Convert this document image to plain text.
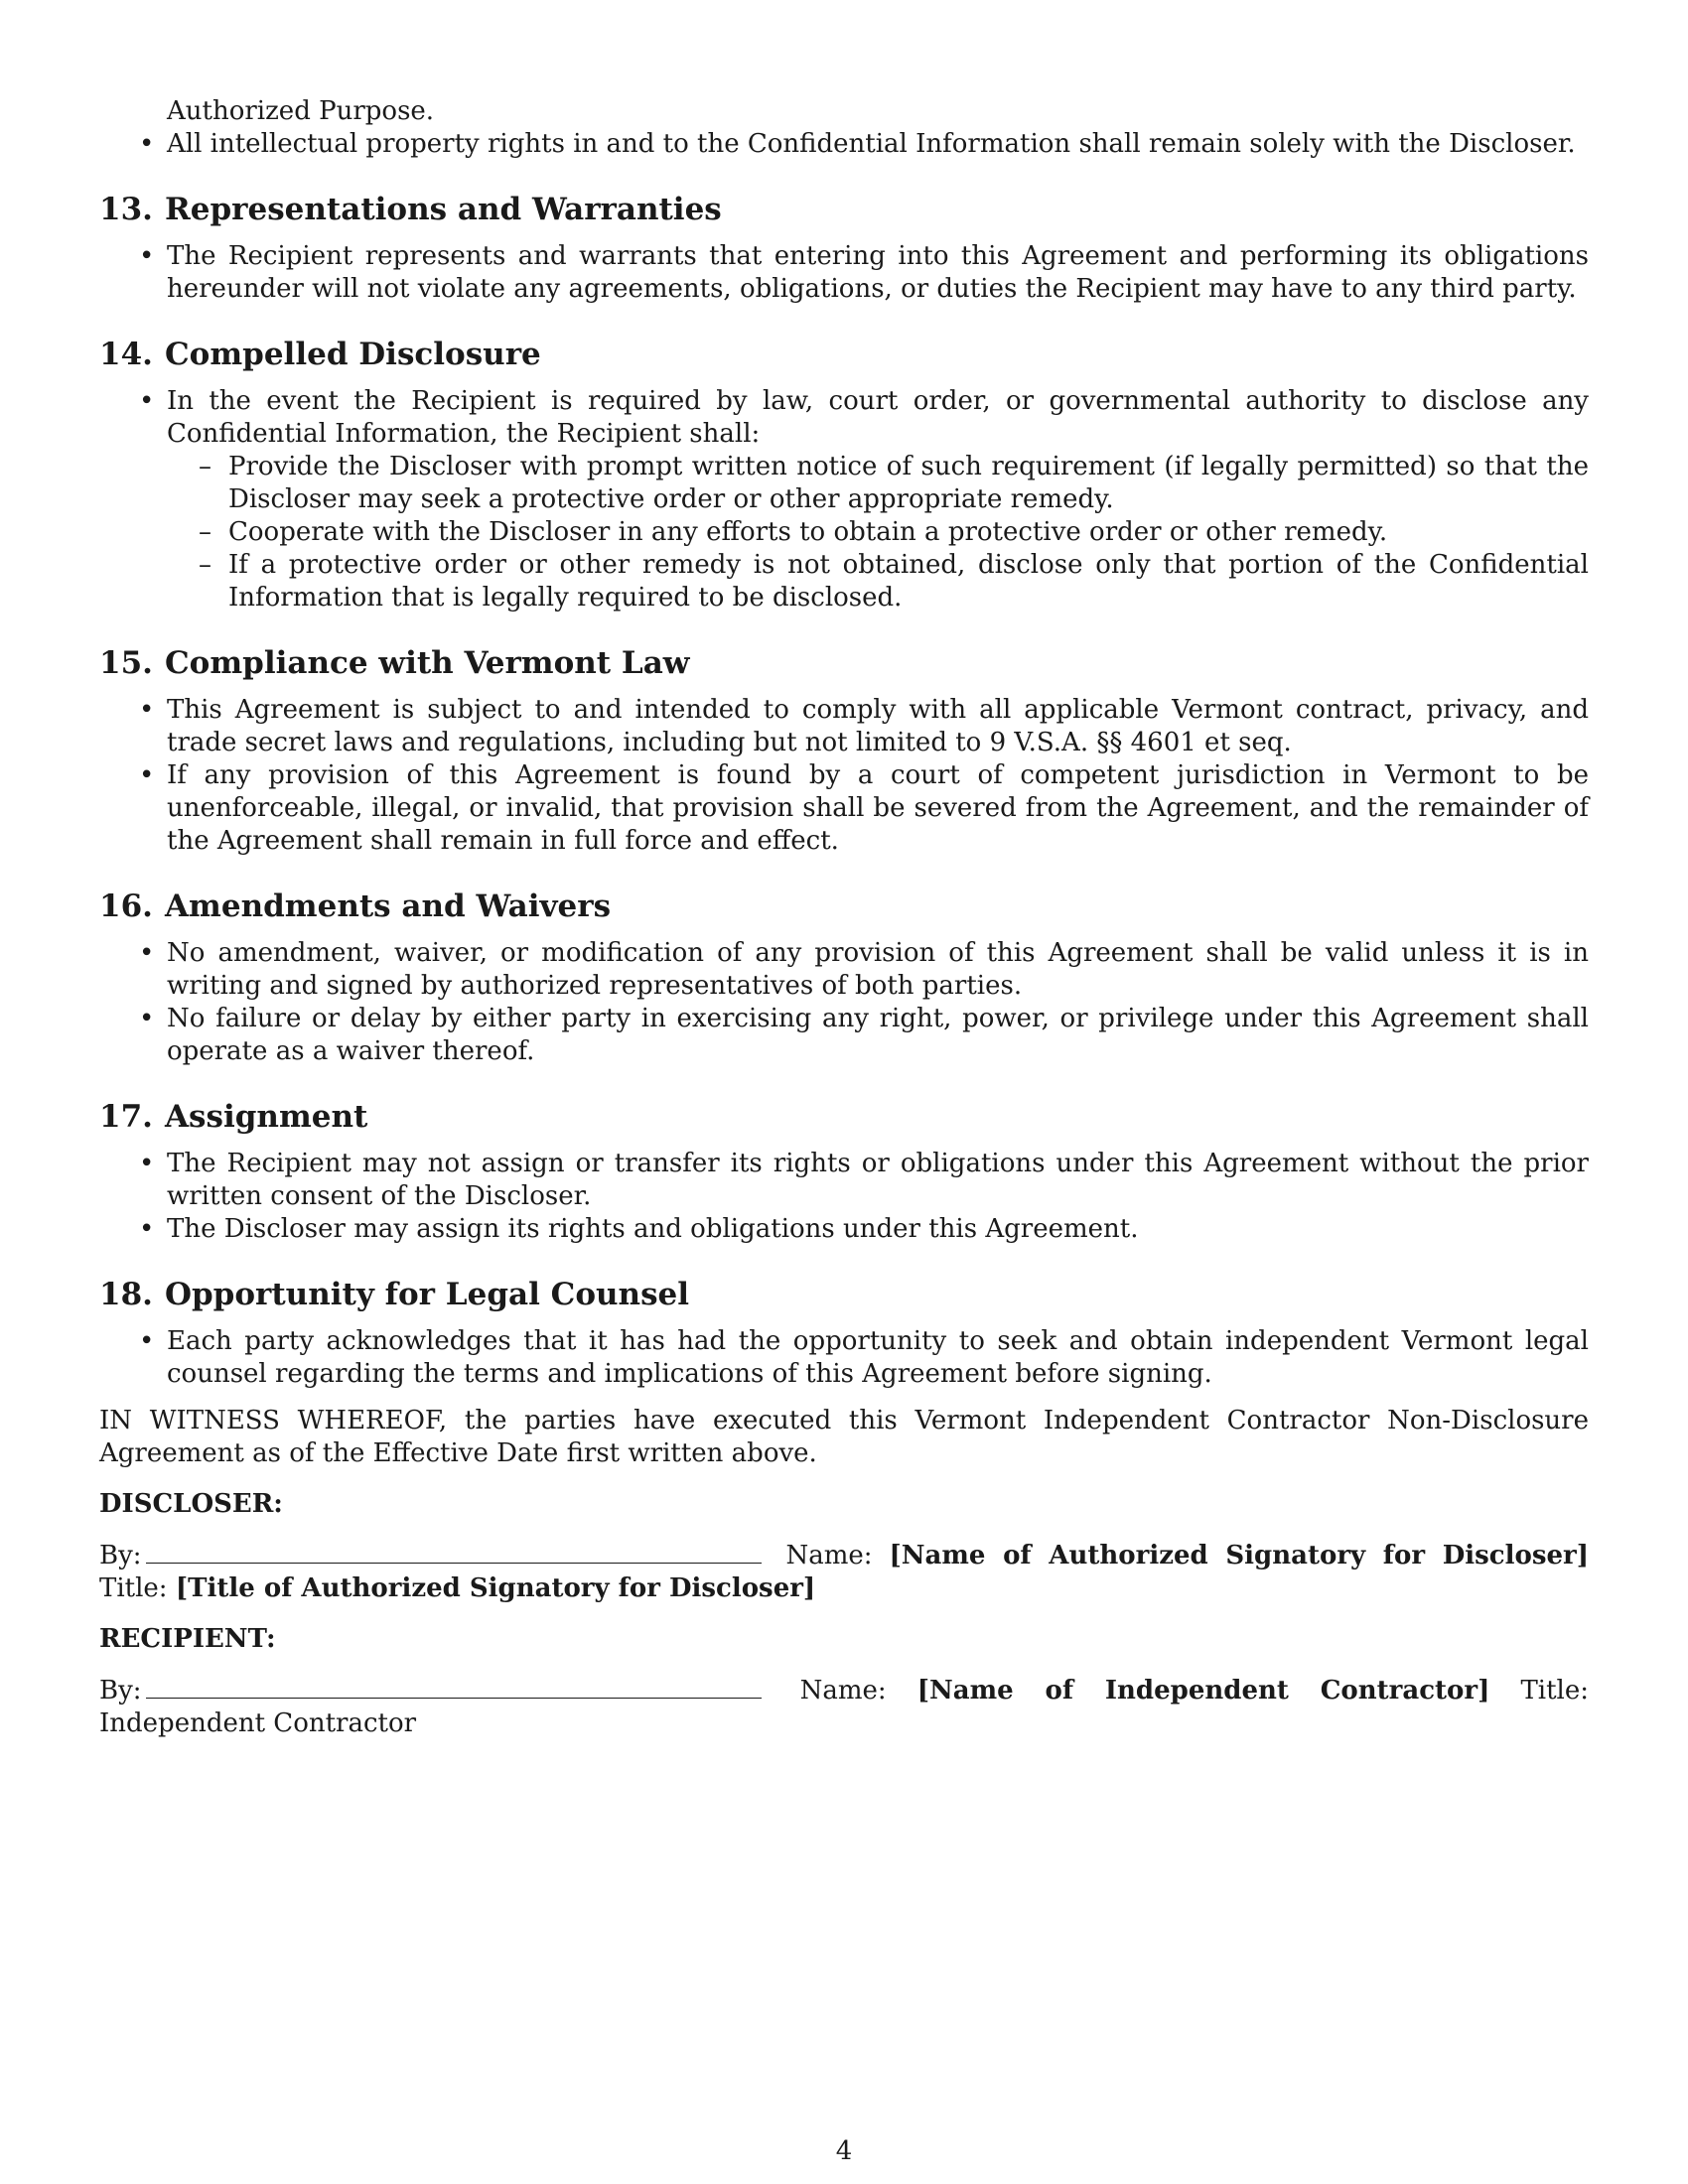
Authorized Purpose.

• All intellectual property rights in and to the Confidential Information shall remain solely with the Discloser.
13. Representations and Warranties
• The Recipient represents and warrants that entering into this Agreement and performing its obligations hereunder will not violate any agreements, obligations, or duties the Recipient may have to any third party.
14. Compelled Disclosure
• In the event the Recipient is required by law, court order, or governmental authority to disclose any Confidential Information, the Recipient shall:
– Provide the Discloser with prompt written notice of such requirement (if legally permitted) so that the Discloser may seek a protective order or other appropriate remedy.
– Cooperate with the Discloser in any efforts to obtain a protective order or other remedy.
– If a protective order or other remedy is not obtained, disclose only that portion of the Confidential Information that is legally required to be disclosed.
15. Compliance with Vermont Law
• This Agreement is subject to and intended to comply with all applicable Vermont contract, privacy, and trade secret laws and regulations, including but not limited to 9 V.S.A. §§ 4601 et seq.
• If any provision of this Agreement is found by a court of competent jurisdiction in Vermont to be unenforceable, illegal, or invalid, that provision shall be severed from the Agreement, and the remainder of the Agreement shall remain in full force and effect.
16. Amendments and Waivers
• No amendment, waiver, or modification of any provision of this Agreement shall be valid unless it is in writing and signed by authorized representatives of both parties.
• No failure or delay by either party in exercising any right, power, or privilege under this Agreement shall operate as a waiver thereof.
17. Assignment
• The Recipient may not assign or transfer its rights or obligations under this Agreement without the prior written consent of the Discloser.
• The Discloser may assign its rights and obligations under this Agreement.
18. Opportunity for Legal Counsel
• Each party acknowledges that it has had the opportunity to seek and obtain independent Vermont legal counsel regarding the terms and implications of this Agreement before signing.

IN WITNESS WHEREOF, the parties have executed this Vermont Independent Contractor Non-Disclosure Agreement as of the Effective Date first written above.

DISCLOSER:
By:	Name: [Name of Authorized Signatory for Discloser] Title: [Title of Authorized Signatory for Discloser]
RECIPIENT:
By:	Name: [Name of Independent Contractor] Title: Independent Contractor
4
